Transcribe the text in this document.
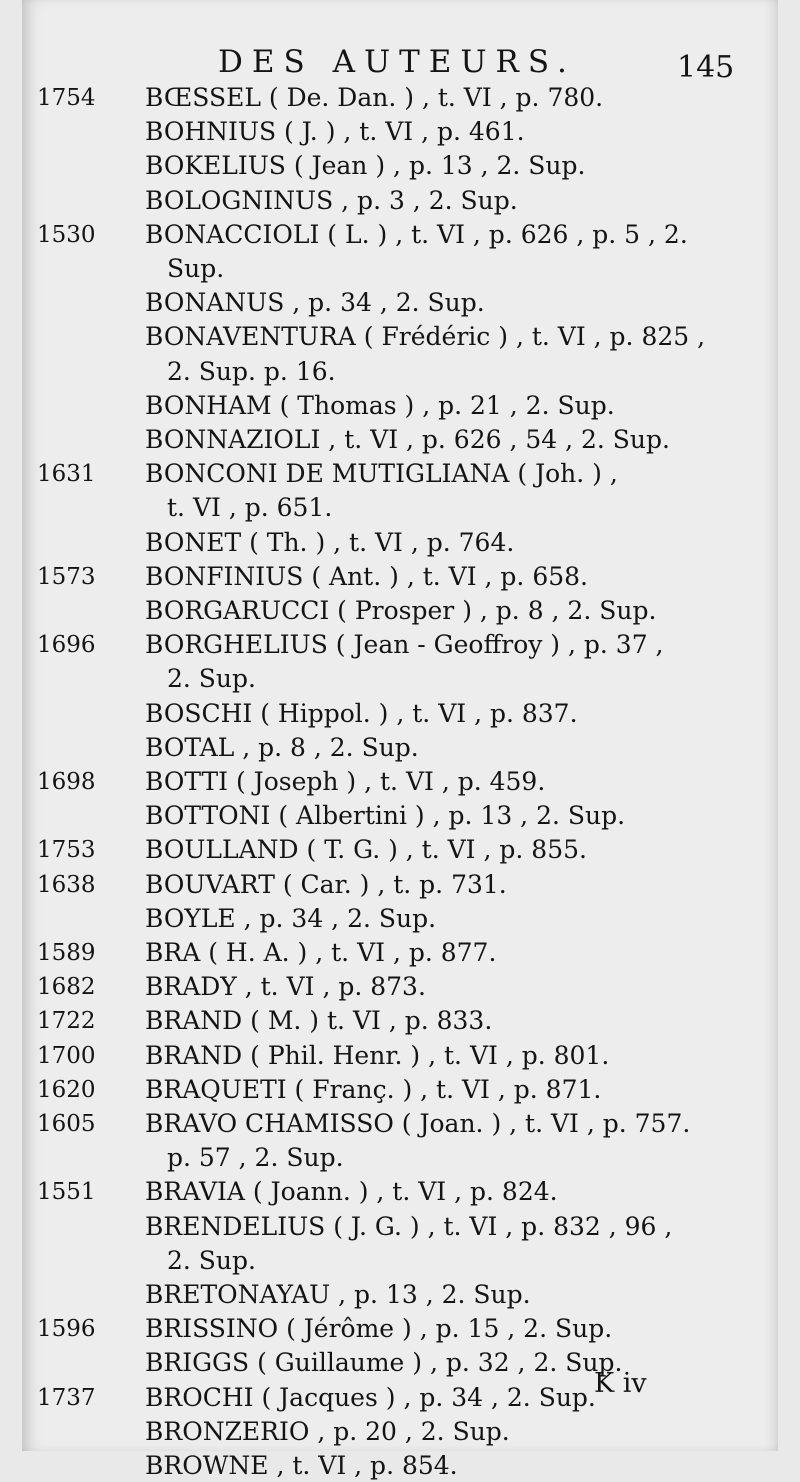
DES AUTEURS.	145
1754	BŒSSEL ( De. Dan. ) , t. VI , p. 780.
BOHNIUS ( J. ) , t. VI , p. 461.
BOKELIUS ( Jean ) , p. 13 , 2. Sup.
BOLOGNINUS , p. 3 , 2. Sup.
1530	BONACCIOLI ( L. ) , t. VI , p. 626 , p. 5 , 2.
Sup.
BONANUS , p. 34 , 2. Sup.
BONAVENTURA ( Frédéric ) , t. VI , p. 825 ,
2. Sup. p. 16.
BONHAM ( Thomas ) , p. 21 , 2. Sup.
BONNAZIOLI , t. VI , p. 626 , 54 , 2. Sup.
1631	BONCONI DE MUTIGLIANA ( Joh. ) ,
t. VI , p. 651.
BONET ( Th. ) , t. VI , p. 764.
1573	BONFINIUS ( Ant. ) , t. VI , p. 658.
BORGARUCCI ( Prosper ) , p. 8 , 2. Sup.
1696	BORGHELIUS ( Jean - Geoffroy ) , p. 37 ,
2. Sup.
BOSCHI ( Hippol. ) , t. VI , p. 837.
BOTAL , p. 8 , 2. Sup.
1698	BOTTI ( Joseph ) , t. VI , p. 459.
BOTTONI ( Albertini ) , p. 13 , 2. Sup.
1753	BOULLAND ( T. G. ) , t. VI , p. 855.
1638	BOUVART ( Car. ) , t. p. 731.
BOYLE , p. 34 , 2. Sup.
1589	BRA ( H. A. ) , t. VI , p. 877.
1682	BRADY , t. VI , p. 873.
1722	BRAND ( M. ) t. VI , p. 833.
1700	BRAND ( Phil. Henr. ) , t. VI , p. 801.
1620	BRAQUETI ( Franç. ) , t. VI , p. 871.
1605	BRAVO CHAMISSO ( Joan. ) , t. VI , p. 757.
p. 57 , 2. Sup.
1551	BRAVIA ( Joann. ) , t. VI , p. 824.
BRENDELIUS ( J. G. ) , t. VI , p. 832 , 96 ,
2. Sup.
BRETONAYAU , p. 13 , 2. Sup.
1596	BRISSINO ( Jérôme ) , p. 15 , 2. Sup.
BRIGGS ( Guillaume ) , p. 32 , 2. Sup.
1737	BROCHI ( Jacques ) , p. 34 , 2. Sup.
BRONZERIO , p. 20 , 2. Sup.
BROWNE , t. VI , p. 854.
K iv
